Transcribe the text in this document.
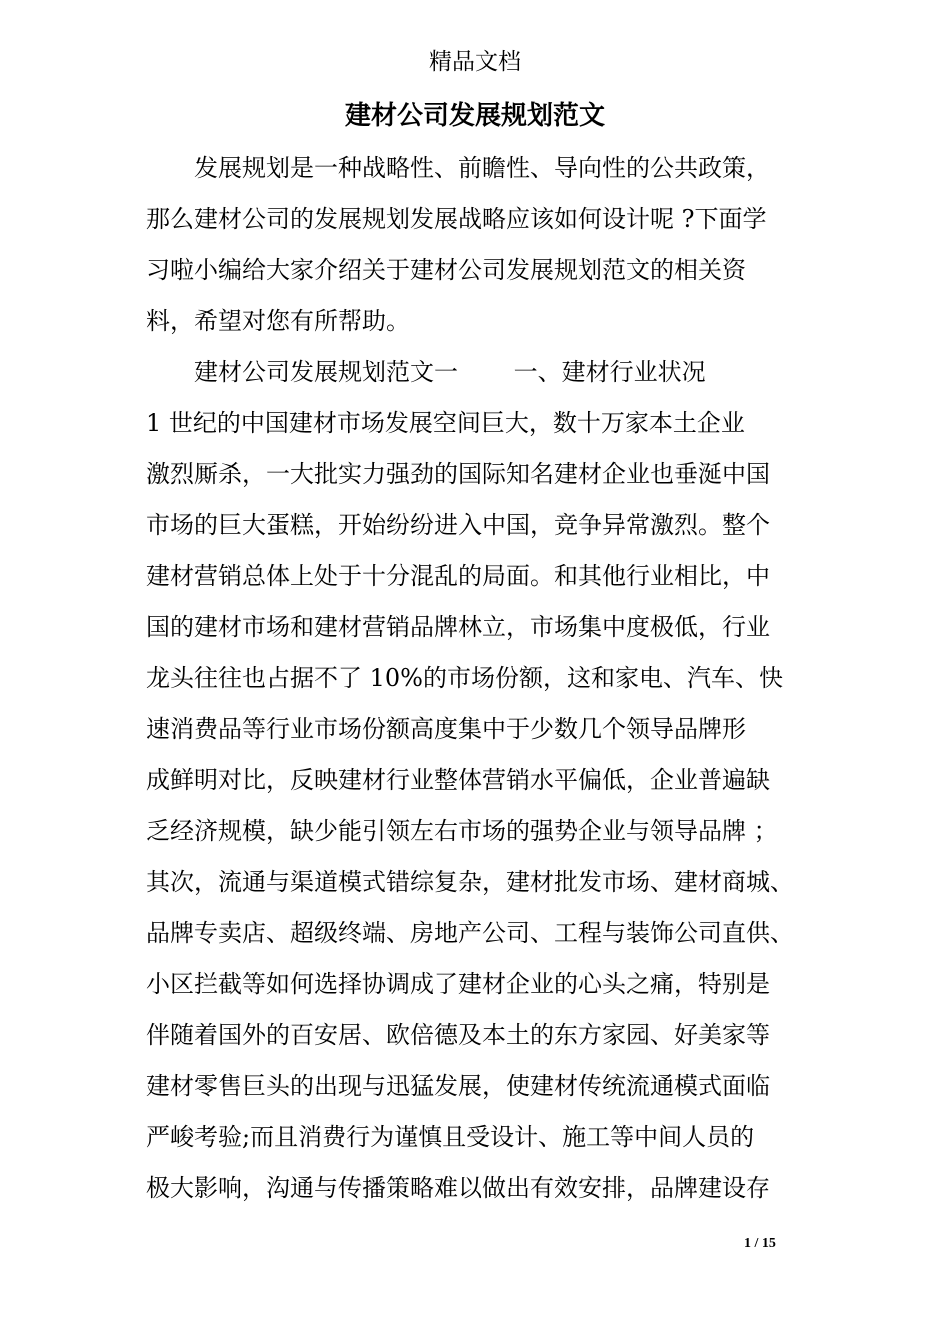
精品文档
建材公司发展规划范文
　　发展规划是一种战略性、前瞻性、导向性的公共政策，
那么建材公司的发展规划发展战略应该如何设计呢 ?下面学
习啦小编给大家介绍关于建材公司发展规划范文的相关资
料，希望对您有所帮助。
　　建材公司发展规划范文一　　 一、建材行业状况
1 世纪的中国建材市场发展空间巨大，数十万家本土企业
激烈厮杀，一大批实力强劲的国际知名建材企业也垂涎中国
市场的巨大蛋糕，开始纷纷进入中国，竞争异常激烈。整个
建材营销总体上处于十分混乱的局面。和其他行业相比，中
国的建材市场和建材营销品牌林立，市场集中度极低，行业
龙头往往也占据不了 10%的市场份额，这和家电、汽车、快
速消费品等行业市场份额高度集中于少数几个领导品牌形
成鲜明对比，反映建材行业整体营销水平偏低，企业普遍缺
乏经济规模，缺少能引领左右市场的强势企业与领导品牌 ；
其次，流通与渠道模式错综复杂，建材批发市场、建材商城、
品牌专卖店、超级终端、房地产公司、工程与装饰公司直供、
小区拦截等如何选择协调成了建材企业的心头之痛，特别是
伴随着国外的百安居、欧倍德及本土的东方家园、好美家等
建材零售巨头的出现与迅猛发展，使建材传统流通模式面临
严峻考验;而且消费行为谨慎且受设计、施工等中间人员的
极大影响，沟通与传播策略难以做出有效安排，品牌建设存
1 / 15
